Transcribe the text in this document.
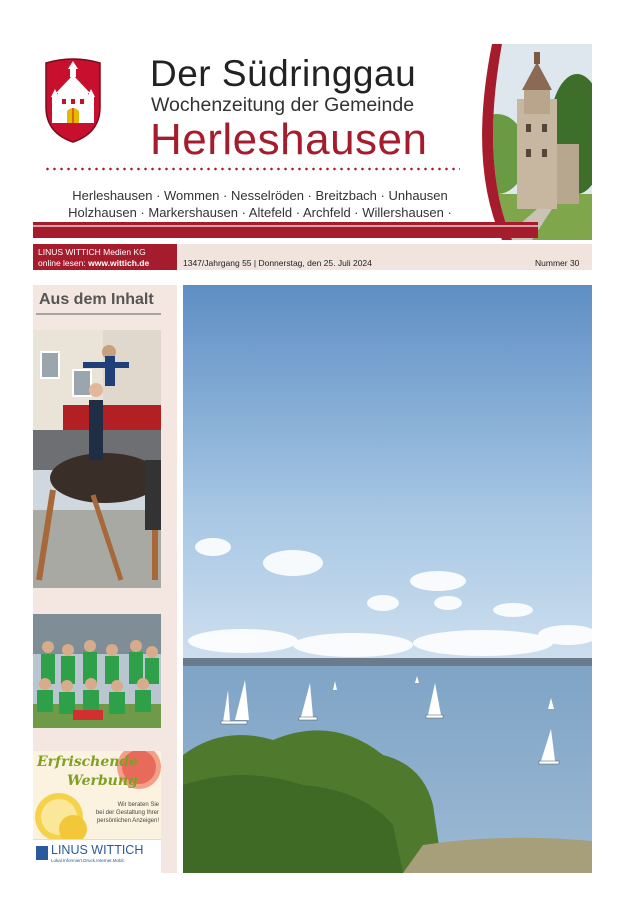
Der Südringgau
Wochenzeitung der Gemeinde
Herleshausen
Herleshausen · Wommen · Nesselröden · Breitzbach · Unhausen
Holzhausen · Markershausen · Altefeld · Archfeld · Willershausen ·
LINUS WITTICH Medien KG
online lesen: www.wittich.de	1347/Jahrgang 55 | Donnerstag, den 25. Juli 2024	Nummer 30
Aus dem Inhalt
Erfrischende
Werbung
Wir beraten Sie
bei der Gestaltung Ihrer
persönlichen Anzeigen!
LINUS WITTICH
Lokal.Informiert.Druck.Internet.Mobil.
